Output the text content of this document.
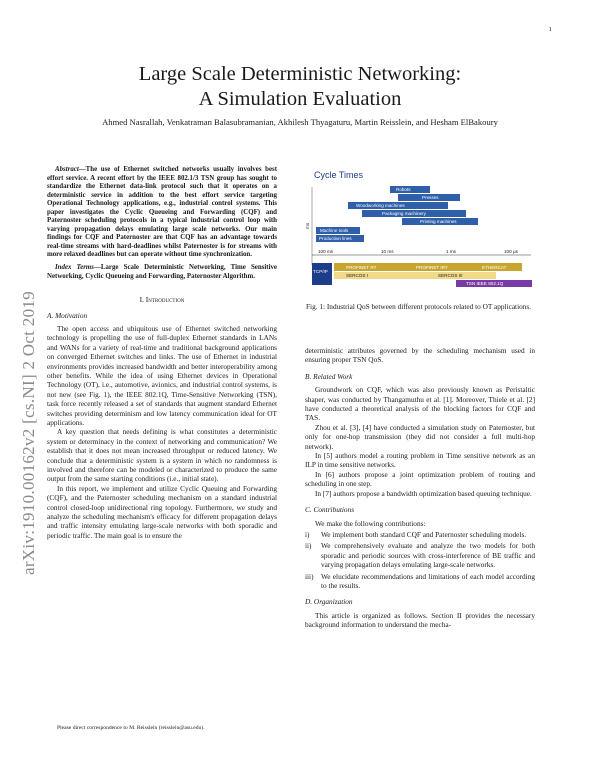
1
arXiv:1910.00162v2 [cs.NI] 2 Oct 2019
Large Scale Deterministic Networking:
A Simulation Evaluation
Ahmed Nasrallah, Venkatraman Balasubramanian, Akhilesh Thyagaturu, Martin Reisslein, and Hesham ElBakoury

Abstract—The use of Ethernet switched networks usually involves best effort service. A recent effort by the IEEE 802.1/3 TSN group has sought to standardize the Ethernet data-link protocol such that it operates on a deterministic service in addition to the best effort service targeting Operational Technology applications, e.g., industrial control systems. This paper investigates the Cyclic Queueing and Forwarding (CQF) and Paternoster scheduling protocols in a typical industrial control loop with varying propagation delays emulating large scale networks. Our main findings for CQF and Paternoster are that CQF has an advantage towards real-time streams with hard-deadlines whilst Paternoster is for streams with more relaxed deadlines but can operate without time synchronization.

Index Terms—Large Scale Deterministic Networking, Time Sensitive Networking, Cyclic Queueing and Forwarding, Paternoster Algorithm.

I. Introduction
A. Motivation

The open access and ubiquitous use of Ethernet switched networking technology is propelling the use of full-duplex Ethernet standards in LANs and WANs for a variety of real-time and traditional background applications on converged Ethernet switches and links. The use of Ethernet in industrial environments provides increased bandwidth and better interoperability among other benefits. While the idea of using Ethernet devices in Operational Technology (OT), i.e., automotive, avionics, and industrial control systems, is not new (see Fig. 1), the IEEE 802.1Q, Time-Sensitive Networking (TSN), task force recently released a set of standards that augment standard Ethernet switches providing determinism and low latency communication ideal for OT applications.

A key question that needs defining is what constitutes a deterministic system or determinacy in the context of networking and communication? We establish that it does not mean increased throughput or reduced latency. We conclude that a deterministic system is a system in which no randomness is involved and therefore can be modeled or characterized to produce the same output from the same starting conditions (i.e., initial state).

In this report, we implement and utilize Cyclic Queuing and Forwarding (CQF), and the Paternoster scheduling mechanism on a standard industrial control closed-loop unidirectional ring topology. Furthermore, we study and analyze the scheduling mechanism's efficacy for different propagation delays and traffic intensity emulating large-scale networks with both sporadic and periodic traffic. The main goal is to ensure the

Please direct correspondence to M. Reisslein (reisslein@asu.edu).
Cycle Times
ms
Robots
Presses
Woodworking machines
Packaging machinery
Printing machines
Machine tools
Production lines
100 ms	10 ms	1 ms	100 µs
TCP/IP
PROFINET RT	PROFINET IRT	ETHERCAT
SERCOS I	SERCOS III
TSN IEEE 802.1Q
Fig. 1: Industrial QoS between different protocols related to OT applications.

deterministic attributes governed by the scheduling mechanism used in ensuring proper TSN QoS.

B. Related Work

Groundwork on CQF, which was also previously known as Peristaltic shaper, was conducted by Thangamuthu et al. [1]. Moreover, Thiele et al. [2] have conducted a theoretical analysis of the blocking factors for CQF and TAS.

Zhou et al. [3], [4] have conducted a simulation study on Paternoster, but only for one-hop transmission (they did not consider a full multi-hop network).

In [5] authors model a routing problem in Time sensitive network as an ILP in time sensitive networks.

In [6] authors propose a joint optimization problem of routing and scheduling in one step.

In [7] authors propose a bandwidth optimization based queuing technique.

C. Contributions

We make the following contributions:

i) We implement both standard CQF and Paternoster scheduling models.
ii) We comprehensively evaluate and analyze the two models for both sporadic and periodic sources with cross-interference of BE traffic and varying propagation delays emulating large-scale networks.
iii) We elucidate recommendations and limitations of each model according to the results.
D. Organization

This article is organized as follows. Section II provides the necessary background information to understand the mecha-
